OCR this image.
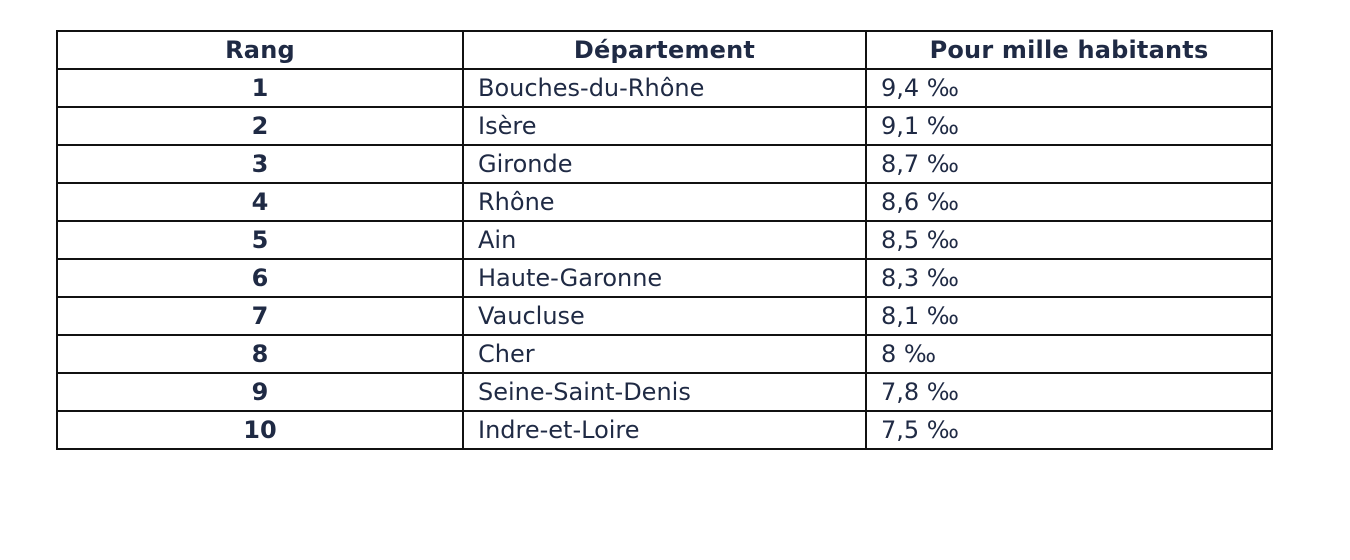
Rang	Département	Pour mille habitants
1	Bouches-du-Rhône	9,4 ‰
2	Isère	9,1 ‰
3	Gironde	8,7 ‰
4	Rhône	8,6 ‰
5	Ain	8,5 ‰
6	Haute-Garonne	8,3 ‰
7	Vaucluse	8,1 ‰
8	Cher	8 ‰
9	Seine-Saint-Denis	7,8 ‰
10	Indre-et-Loire	7,5 ‰
